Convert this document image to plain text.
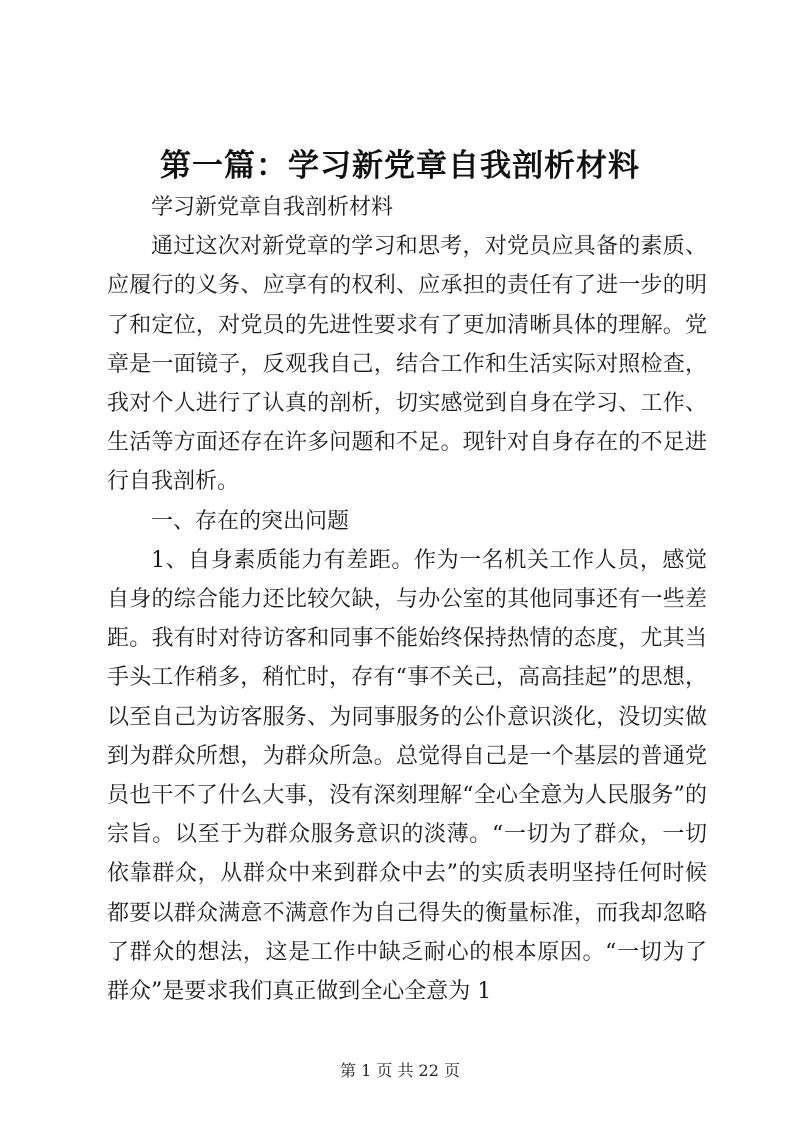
第一篇：学习新党章自我剖析材料

学习新党章自我剖析材料

通过这次对新党章的学习和思考，对党员应具备的素质、应履行的义务、应享有的权利、应承担的责任有了进一步的明了和定位，对党员的先进性要求有了更加清晰具体的理解。党章是一面镜子，反观我自己，结合工作和生活实际对照检查，我对个人进行了认真的剖析，切实感觉到自身在学习、工作、生活等方面还存在许多问题和不足。现针对自身存在的不足进行自我剖析。

一、存在的突出问题

1、自身素质能力有差距。作为一名机关工作人员，感觉自身的综合能力还比较欠缺，与办公室的其他同事还有一些差距。我有时对待访客和同事不能始终保持热情的态度，尤其当手头工作稍多，稍忙时，存有“事不关己，高高挂起”的思想，以至自己为访客服务、为同事服务的公仆意识淡化，没切实做到为群众所想，为群众所急。总觉得自己是一个基层的普通党员也干不了什么大事，没有深刻理解“全心全意为人民服务”的宗旨。以至于为群众服务意识的淡薄。“一切为了群众，一切依靠群众，从群众中来到群众中去”的实质表明坚持任何时候都要以群众满意不满意作为自己得失的衡量标准，而我却忽略了群众的想法，这是工作中缺乏耐心的根本原因。“一切为了群众”是要求我们真正做到全心全意为 1

第 1 页 共 22 页
